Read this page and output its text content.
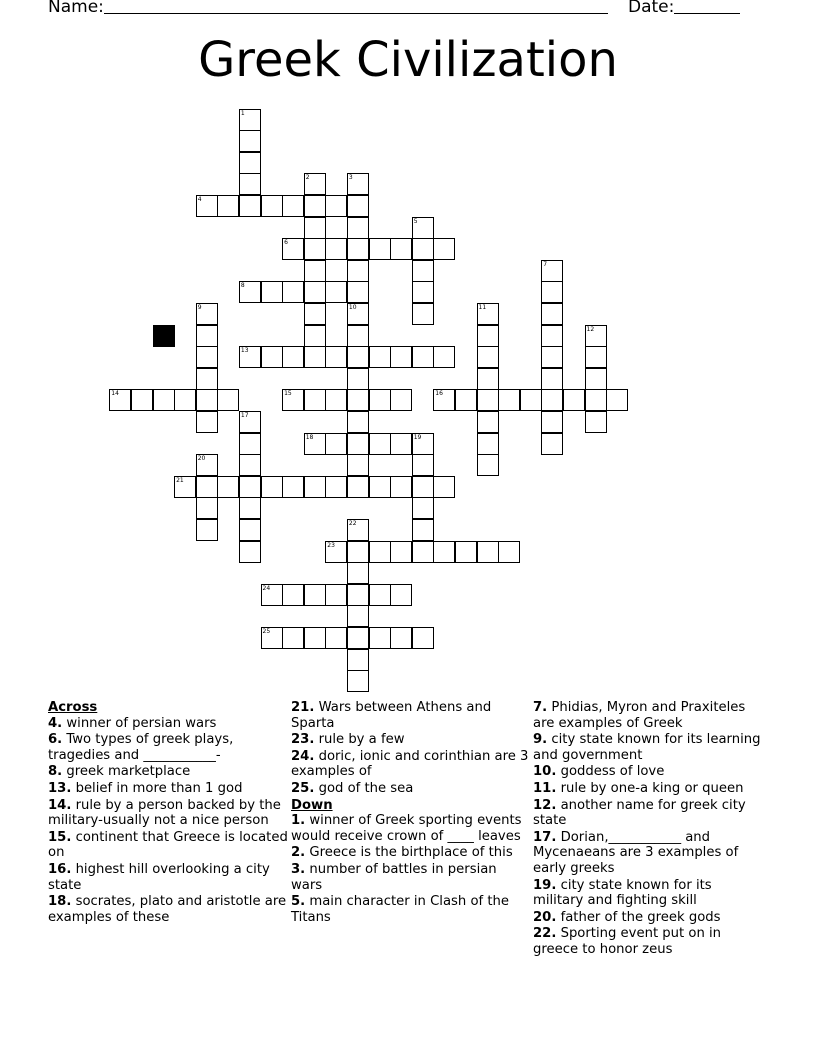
Name:	Date:
Greek Civilization
1
2	3
4
5
6
7
8
9	10	11
12
13
14	15	16
17
18	19
20
21
22
23
24
25
Across
4. winner of persian wars
6. Two types of greek plays, tragedies and ___________-
8. greek marketplace
13. belief in more than 1 god
14. rule by a person backed by the military-usually not a nice person
15. continent that Greece is located on
16. highest hill overlooking a city state
18. socrates, plato and aristotle are examples of these
21. Wars between Athens and Sparta
23. rule by a few
24. doric, ionic and corinthian are 3 examples of
25. god of the sea
Down
1. winner of Greek sporting events would receive crown of ____ leaves
2. Greece is the birthplace of this
3. number of battles in persian wars
5. main character in Clash of the Titans
7. Phidias, Myron and Praxiteles are examples of Greek
9. city state known for its learning and government
10. goddess of love
11. rule by one-a king or queen
12. another name for greek city state
17. Dorian,___________ and Mycenaeans are 3 examples of early greeks
19. city state known for its military and fighting skill
20. father of the greek gods
22. Sporting event put on in greece to honor zeus
